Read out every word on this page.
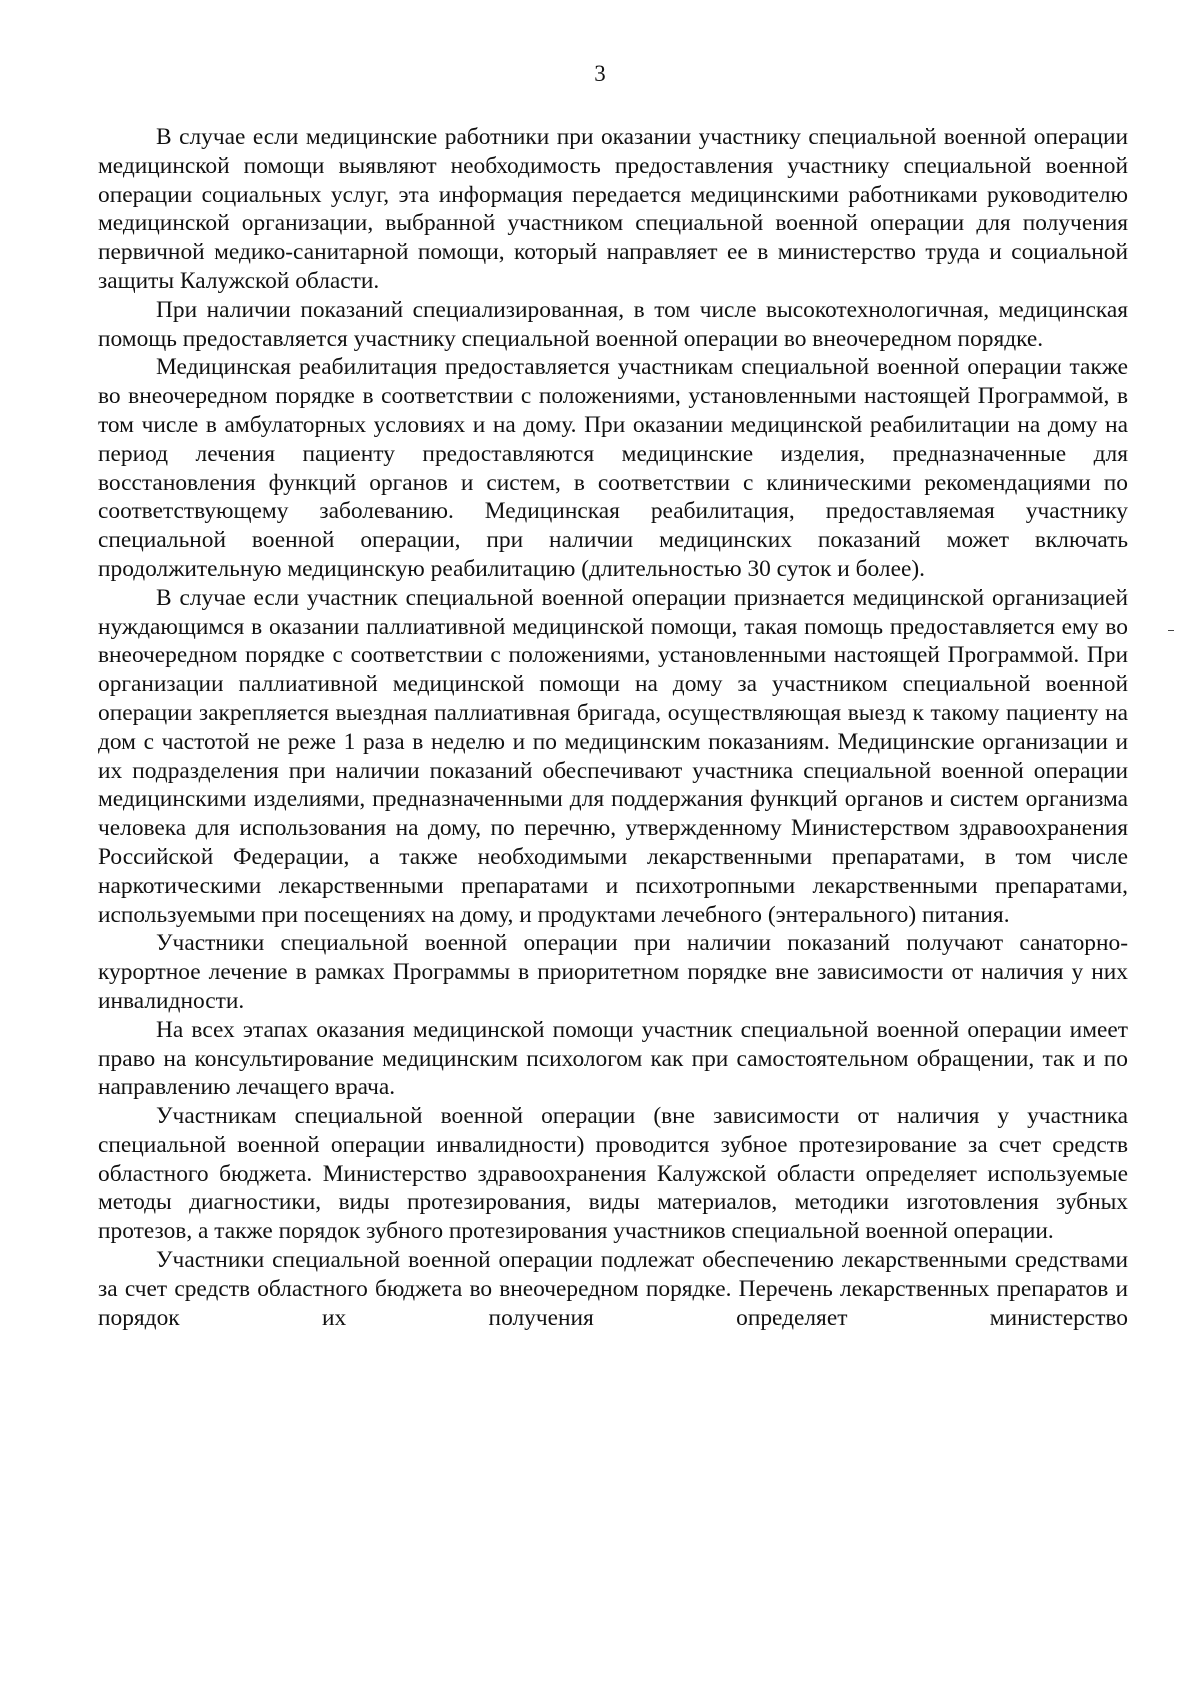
3

В случае если медицинские работники при оказании участнику специальной военной операции медицинской помощи выявляют необходимость предоставления участнику специальной военной операции социальных услуг, эта информация передается медицинскими работниками руководителю медицинской организации, выбранной участником специальной военной операции для получения первичной медико-санитарной помощи, который направляет ее в министерство труда и социальной защиты Калужской области.

При наличии показаний специализированная, в том числе высокотехнологичная, медицинская помощь предоставляется участнику специальной военной операции во внеочередном порядке.

Медицинская реабилитация предоставляется участникам специальной военной операции также во внеочередном порядке в соответствии с положениями, установленными настоящей Программой, в том числе в амбулаторных условиях и на дому. При оказании медицинской реабилитации на дому на период лечения пациенту предоставляются медицинские изделия, предназначенные для восстановления функций органов и систем, в соответствии с клиническими рекомендациями по соответствующему заболеванию. Медицинская реабилитация, предоставляемая участнику специальной военной операции, при наличии медицинских показаний может включать продолжительную медицинскую реабилитацию (длительностью 30 суток и более).

В случае если участник специальной военной операции признается медицинской организацией нуждающимся в оказании паллиативной медицинской помощи, такая помощь предоставляется ему во внеочередном порядке с соответствии с положениями, установленными настоящей Программой. При организации паллиативной медицинской помощи на дому за участником специальной военной операции закрепляется выездная паллиативная бригада, осуществляющая выезд к такому пациенту на дом с частотой не реже 1 раза в неделю и по медицинским показаниям. Медицинские организации и их подразделения при наличии показаний обеспечивают участника специальной военной операции медицинскими изделиями, предназначенными для поддержания функций органов и систем организма человека для использования на дому, по перечню, утвержденному Министерством здравоохранения Российской Федерации, а также необходимыми лекарственными препаратами, в том числе наркотическими лекарственными препаратами и психотропными лекарственными препаратами, используемыми при посещениях на дому, и продуктами лечебного (энтерального) питания.

Участники специальной военной операции при наличии показаний получают санаторно-курортное лечение в рамках Программы в приоритетном порядке вне зависимости от наличия у них инвалидности.

На всех этапах оказания медицинской помощи участник специальной военной операции имеет право на консультирование медицинским психологом как при самостоятельном обращении, так и по направлению лечащего врача.

Участникам специальной военной операции (вне зависимости от наличия у участника специальной военной операции инвалидности) проводится зубное протезирование за счет средств областного бюджета. Министерство здравоохранения Калужской области определяет используемые методы диагностики, виды протезирования, виды материалов, методики изготовления зубных протезов, а также порядок зубного протезирования участников специальной военной операции.

Участники специальной военной операции подлежат обеспечению лекарственными средствами за счет средств областного бюджета во внеочередном порядке. Перечень лекарственных препаратов и порядок их получения определяет министерство
